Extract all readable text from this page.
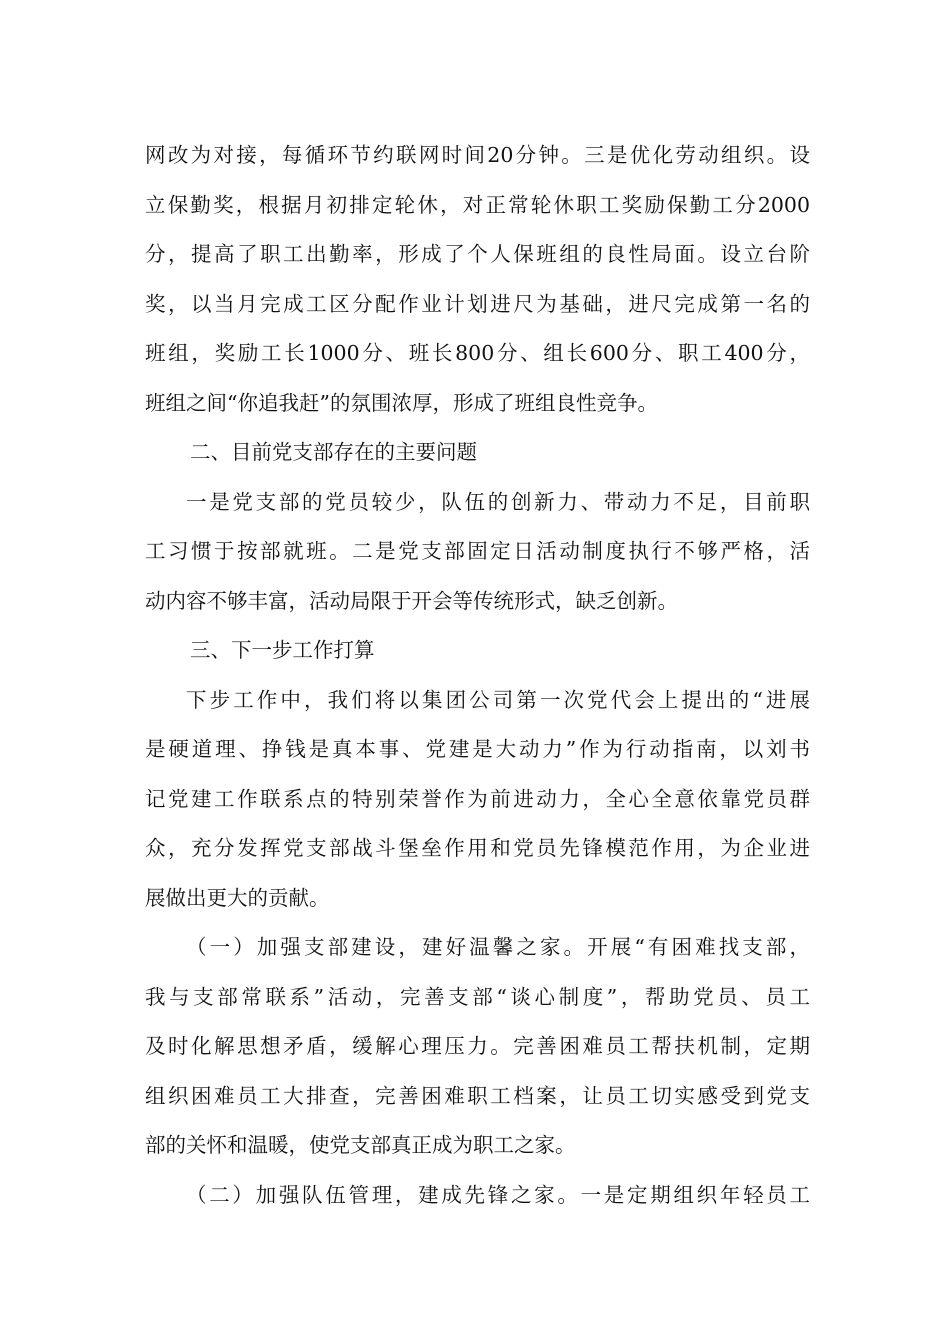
网改为对接，每循环节约联网时间20分钟。三是优化劳动组织。设
立保勤奖，根据月初排定轮休，对正常轮休职工奖励保勤工分2000
分，提高了职工出勤率，形成了个人保班组的良性局面。设立台阶
奖，以当月完成工区分配作业计划进尺为基础，进尺完成第一名的
班组，奖励工长1000分、班长800分、组长600分、职工400分，
班组之间“你追我赶”的氛围浓厚，形成了班组良性竞争。
二、目前党支部存在的主要问题
一是党支部的党员较少，队伍的创新力、带动力不足，目前职
工习惯于按部就班。二是党支部固定日活动制度执行不够严格，活
动内容不够丰富，活动局限于开会等传统形式，缺乏创新。
三、下一步工作打算
下步工作中，我们将以集团公司第一次党代会上提出的“进展
是硬道理、挣钱是真本事、党建是大动力”作为行动指南，以刘书
记党建工作联系点的特别荣誉作为前进动力，全心全意依靠党员群
众，充分发挥党支部战斗堡垒作用和党员先锋模范作用，为企业进
展做出更大的贡献。
（一）加强支部建设，建好温馨之家。开展“有困难找支部，
我与支部常联系”活动，完善支部“谈心制度”，帮助党员、员工
及时化解思想矛盾，缓解心理压力。完善困难员工帮扶机制，定期
组织困难员工大排查，完善困难职工档案，让员工切实感受到党支
部的关怀和温暖，使党支部真正成为职工之家。
（二）加强队伍管理，建成先锋之家。一是定期组织年轻员工
